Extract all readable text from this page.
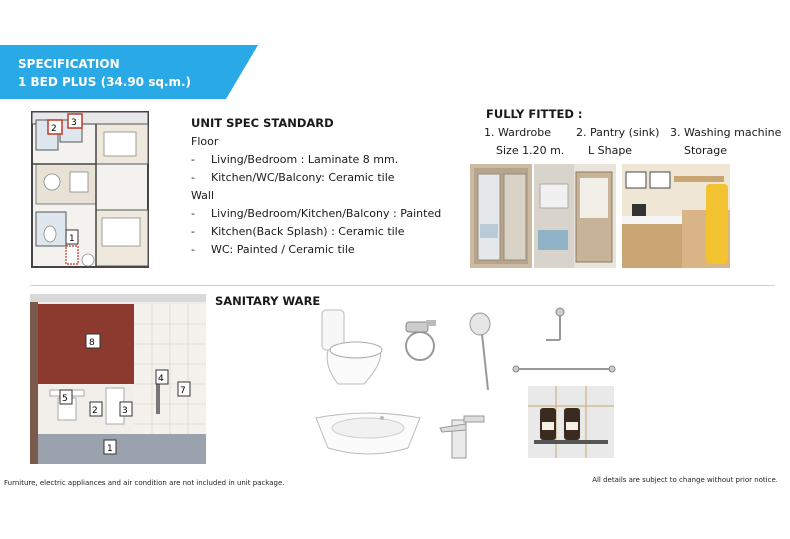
SPECIFICATION
1 BED PLUS (34.90 sq.m.)
2
3
1
UNIT SPEC STANDARD
Floor
-	Living/Bedroom : Laminate 8 mm.
-	Kitchen/WC/Balcony: Ceramic tile
Wall
-	Living/Bedroom/Kitchen/Balcony : Painted
-	Kitchen(Back Splash) : Ceramic tile
-	WC: Painted / Ceramic tile
FULLY FITTED :
1. Wardrobe
Size 1.20 m.
2. Pantry (sink)
L Shape
3. Washing machine
Storage
8
4
7
5
2	3
1
SANITARY WARE
Furniture, electric appliances and air condition are not included in unit package.	All details are subject to change without prior notice.
